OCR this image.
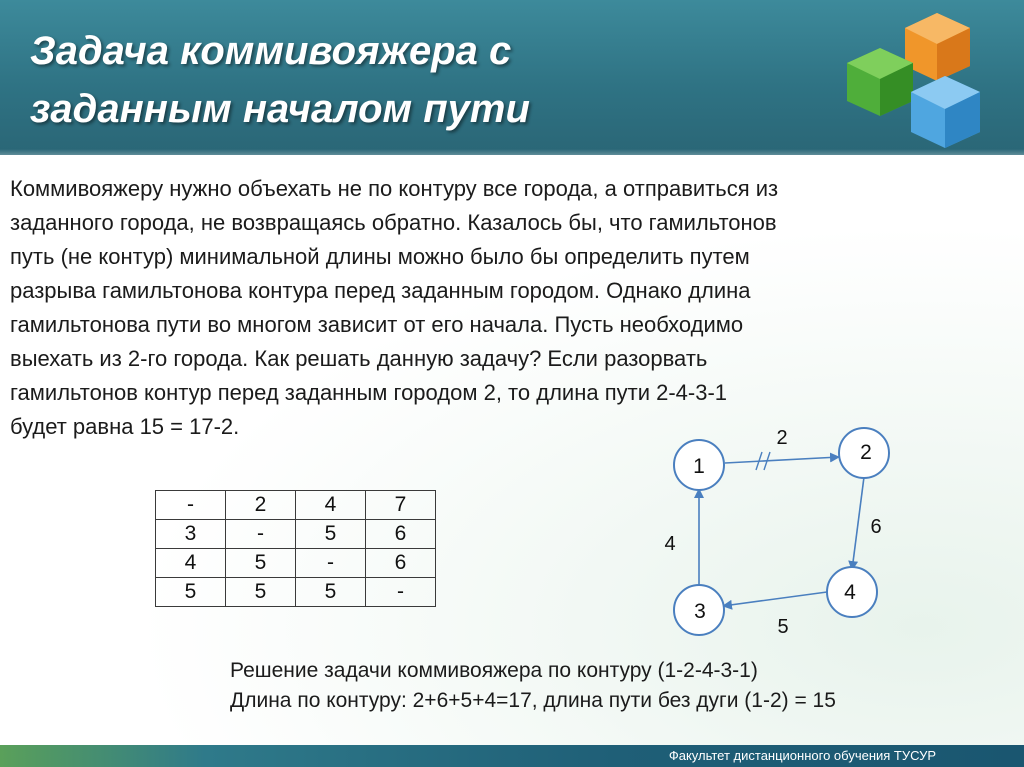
Задача коммивояжера с
заданным началом пути

Коммивояжеру нужно объехать не по контуру все города, а отправиться из
заданного города, не возвращаясь обратно. Казалось бы, что гамильтонов
путь (не контур) минимальной длины можно было бы определить путем
разрыва гамильтонова контура перед заданным городом. Однако длина
гамильтонова пути во многом зависит от его начала. Пусть необходимо
выехать из 2-го города. Как решать данную задачу? Если разорвать
гамильтонов контур перед заданным городом 2, то длина пути 2-4-3-1
будет равна 15 = 17-2.

-	2	4	7
3	-	5	6
4	5	-	6
5	5	5	-
1
2
4
3
2
6
5
4

Решение задачи коммивояжера по контуру (1-2-4-3-1)
Длина по контуру: 2+6+5+4=17, длина пути без дуги (1-2) = 15

Факультет дистанционного обучения ТУСУР
